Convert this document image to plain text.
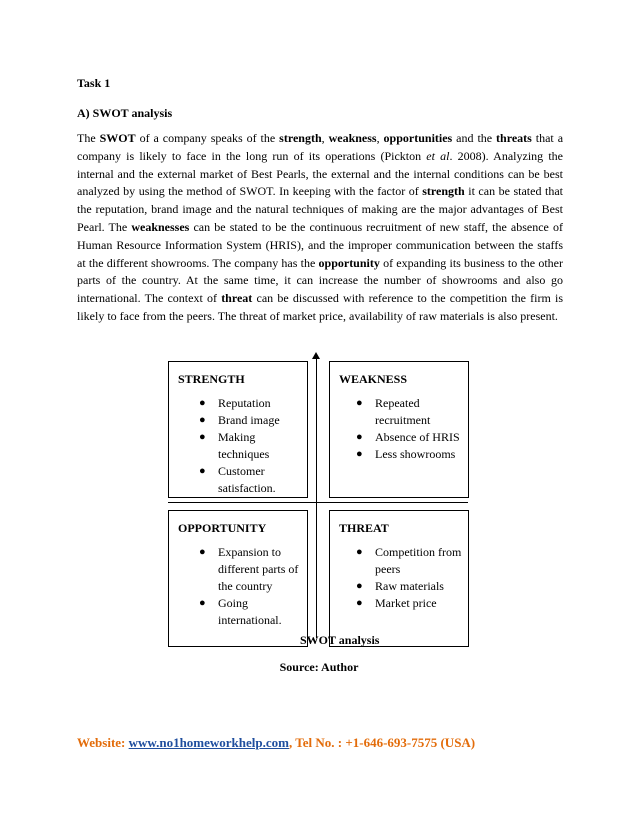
Task 1
A) SWOT analysis
The SWOT of a company speaks of the strength, weakness, opportunities and the threats that a company is likely to face in the long run of its operations (Pickton et al. 2008). Analyzing the internal and the external market of Best Pearls, the external and the internal conditions can be best analyzed by using the method of SWOT. In keeping with the factor of strength it can be stated that the reputation, brand image and the natural techniques of making are the major advantages of Best Pearl. The weaknesses can be stated to be the continuous recruitment of new staff, the absence of Human Resource Information System (HRIS), and the improper communication between the staffs at the different showrooms. The company has the opportunity of expanding its business to the other parts of the country. At the same time, it can increase the number of showrooms and also go international. The context of threat can be discussed with reference to the competition the firm is likely to face from the peers. The threat of market price, availability of raw materials is also present.
STRENGTH
● Reputation
● Brand image
● Making techniques
● Customer satisfaction.
WEAKNESS
● Repeated recruitment
● Absence of HRIS
● Less showrooms
OPPORTUNITY
● Expansion to different parts of the country
● Going international.
THREAT
● Competition from peers
● Raw materials
● Market price
SWOT analysis
Source: Author
Website: www.no1homeworkhelp.com, Tel No. : +1-646-693-7575 (USA)
